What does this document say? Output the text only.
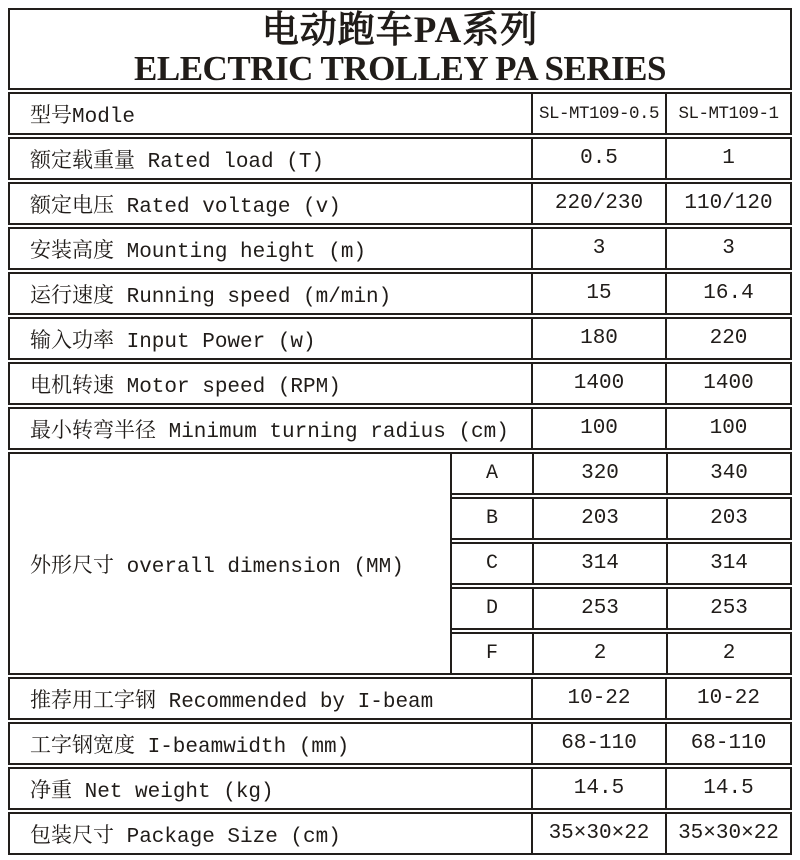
电动跑车PA系列
ELECTRIC TROLLEY PA SERIES
型号Modle	SL-MT109-0.5	SL-MT109-1
额定载重量 Rated load (T)	0.5	1
额定电压 Rated voltage (v)	220/230	110/120
安装高度 Mounting height (m)	3	3
运行速度 Running speed (m/min)	15	16.4
输入功率 Input Power (w)	180	220
电机转速 Motor speed (RPM)	1400	1400
最小转弯半径 Minimum turning radius (cm)	100	100
外形尺寸 overall dimension (MM)
A	320	340
B	203	203
C	314	314
D	253	253
F	2	2
推荐用工字钢 Recommended by I-beam	10-22	10-22
工字钢宽度 I-beamwidth (mm)	68-110	68-110
净重 Net weight (kg)	14.5	14.5
包装尺寸 Package Size (cm)	35×30×22	35×30×22
